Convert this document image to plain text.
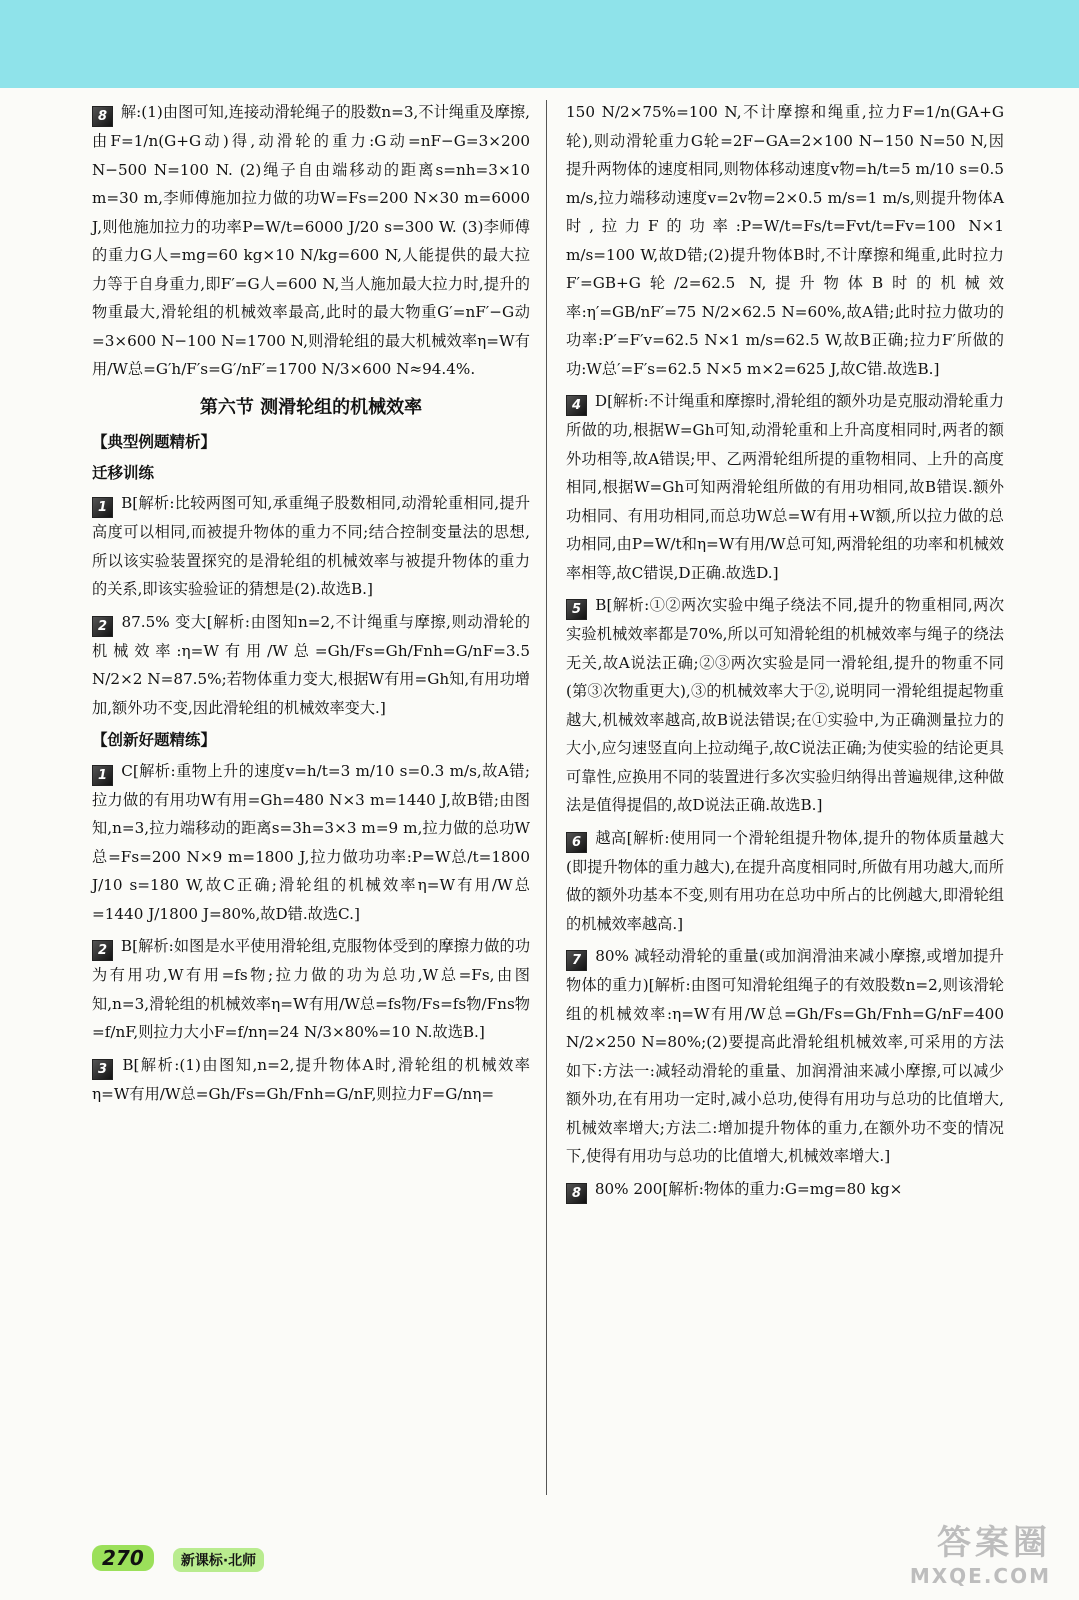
8 解:(1)由图可知,连接动滑轮绳子的股数n=3,不计绳重及摩擦,由F=1/n(G+G动)得,动滑轮的重力:G动=nF−G=3×200 N−500 N=100 N. (2)绳子自由端移动的距离s=nh=3×10 m=30 m,李师傅施加拉力做的功W=Fs=200 N×30 m=6000 J,则他施加拉力的功率P=W/t=6000 J/20 s=300 W. (3)李师傅的重力G人=mg=60 kg×10 N/kg=600 N,人能提供的最大拉力等于自身重力,即F′=G人=600 N,当人施加最大拉力时,提升的物重最大,滑轮组的机械效率最高,此时的最大物重G′=nF′−G动=3×600 N−100 N=1700 N,则滑轮组的最大机械效率η=W有用/W总=G′h/F′s=G′/nF′=1700 N/3×600 N≈94.4%.
第六节 测滑轮组的机械效率
【典型例题精析】
迁移训练
1 B[解析:比较两图可知,承重绳子股数相同,动滑轮重相同,提升高度可以相同,而被提升物体的重力不同;结合控制变量法的思想,所以该实验装置探究的是滑轮组的机械效率与被提升物体的重力的关系,即该实验验证的猜想是(2).故选B.]
2 87.5% 变大[解析:由图知n=2,不计绳重与摩擦,则动滑轮的机械效率:η=W有用/W总=Gh/Fs=Gh/Fnh=G/nF=3.5 N/2×2 N=87.5%;若物体重力变大,根据W有用=Gh知,有用功增加,额外功不变,因此滑轮组的机械效率变大.]
【创新好题精练】
1 C[解析:重物上升的速度v=h/t=3 m/10 s=0.3 m/s,故A错;拉力做的有用功W有用=Gh=480 N×3 m=1440 J,故B错;由图知,n=3,拉力端移动的距离s=3h=3×3 m=9 m,拉力做的总功W总=Fs=200 N×9 m=1800 J,拉力做功功率:P=W总/t=1800 J/10 s=180 W,故C正确;滑轮组的机械效率η=W有用/W总=1440 J/1800 J=80%,故D错.故选C.]
2 B[解析:如图是水平使用滑轮组,克服物体受到的摩擦力做的功为有用功,W有用=fs物;拉力做的功为总功,W总=Fs,由图知,n=3,滑轮组的机械效率η=W有用/W总=fs物/Fs=fs物/Fns物=f/nF,则拉力大小F=f/nη=24 N/3×80%=10 N.故选B.]
3 B[解析:(1)由图知,n=2,提升物体A时,滑轮组的机械效率η=W有用/W总=Gh/Fs=Gh/Fnh=G/nF,则拉力F=G/nη=
150 N/2×75%=100 N,不计摩擦和绳重,拉力F=1/n(GA+G轮),则动滑轮重力G轮=2F−GA=2×100 N−150 N=50 N,因提升两物体的速度相同,则物体移动速度v物=h/t=5 m/10 s=0.5 m/s,拉力端移动速度v=2v物=2×0.5 m/s=1 m/s,则提升物体A时,拉力F的功率:P=W/t=Fs/t=Fvt/t=Fv=100 N×1 m/s=100 W,故D错;(2)提升物体B时,不计摩擦和绳重,此时拉力F′=GB+G轮/2=62.5 N,提升物体B时的机械效率:η′=GB/nF′=75 N/2×62.5 N=60%,故A错;此时拉力做功的功率:P′=F′v=62.5 N×1 m/s=62.5 W,故B正确;拉力F′所做的功:W总′=F′s=62.5 N×5 m×2=625 J,故C错.故选B.]
4 D[解析:不计绳重和摩擦时,滑轮组的额外功是克服动滑轮重力所做的功,根据W=Gh可知,动滑轮重和上升高度相同时,两者的额外功相等,故A错误;甲、乙两滑轮组所提的重物相同、上升的高度相同,根据W=Gh可知两滑轮组所做的有用功相同,故B错误.额外功相同、有用功相同,而总功W总=W有用+W额,所以拉力做的总功相同,由P=W/t和η=W有用/W总可知,两滑轮组的功率和机械效率相等,故C错误,D正确.故选D.]
5 B[解析:①②两次实验中绳子绕法不同,提升的物重相同,两次实验机械效率都是70%,所以可知滑轮组的机械效率与绳子的绕法无关,故A说法正确;②③两次实验是同一滑轮组,提升的物重不同(第③次物重更大),③的机械效率大于②,说明同一滑轮组提起物重越大,机械效率越高,故B说法错误;在①实验中,为正确测量拉力的大小,应匀速竖直向上拉动绳子,故C说法正确;为使实验的结论更具可靠性,应换用不同的装置进行多次实验归纳得出普遍规律,这种做法是值得提倡的,故D说法正确.故选B.]
6 越高[解析:使用同一个滑轮组提升物体,提升的物体质量越大(即提升物体的重力越大),在提升高度相同时,所做有用功越大,而所做的额外功基本不变,则有用功在总功中所占的比例越大,即滑轮组的机械效率越高.]
7 80% 减轻动滑轮的重量(或加润滑油来减小摩擦,或增加提升物体的重力)[解析:由图可知滑轮组绳子的有效股数n=2,则该滑轮组的机械效率:η=W有用/W总=Gh/Fs=Gh/Fnh=G/nF=400 N/2×250 N=80%;(2)要提高此滑轮组机械效率,可采用的方法如下:方法一:减轻动滑轮的重量、加润滑油来减小摩擦,可以减少额外功,在有用功一定时,减小总功,使得有用功与总功的比值增大,机械效率增大;方法二:增加提升物体的重力,在额外功不变的情况下,使得有用功与总功的比值增大,机械效率增大.]
8 80% 200[解析:物体的重力:G=mg=80 kg×
270	新课标·北师	答案圈
MXQE.COM
